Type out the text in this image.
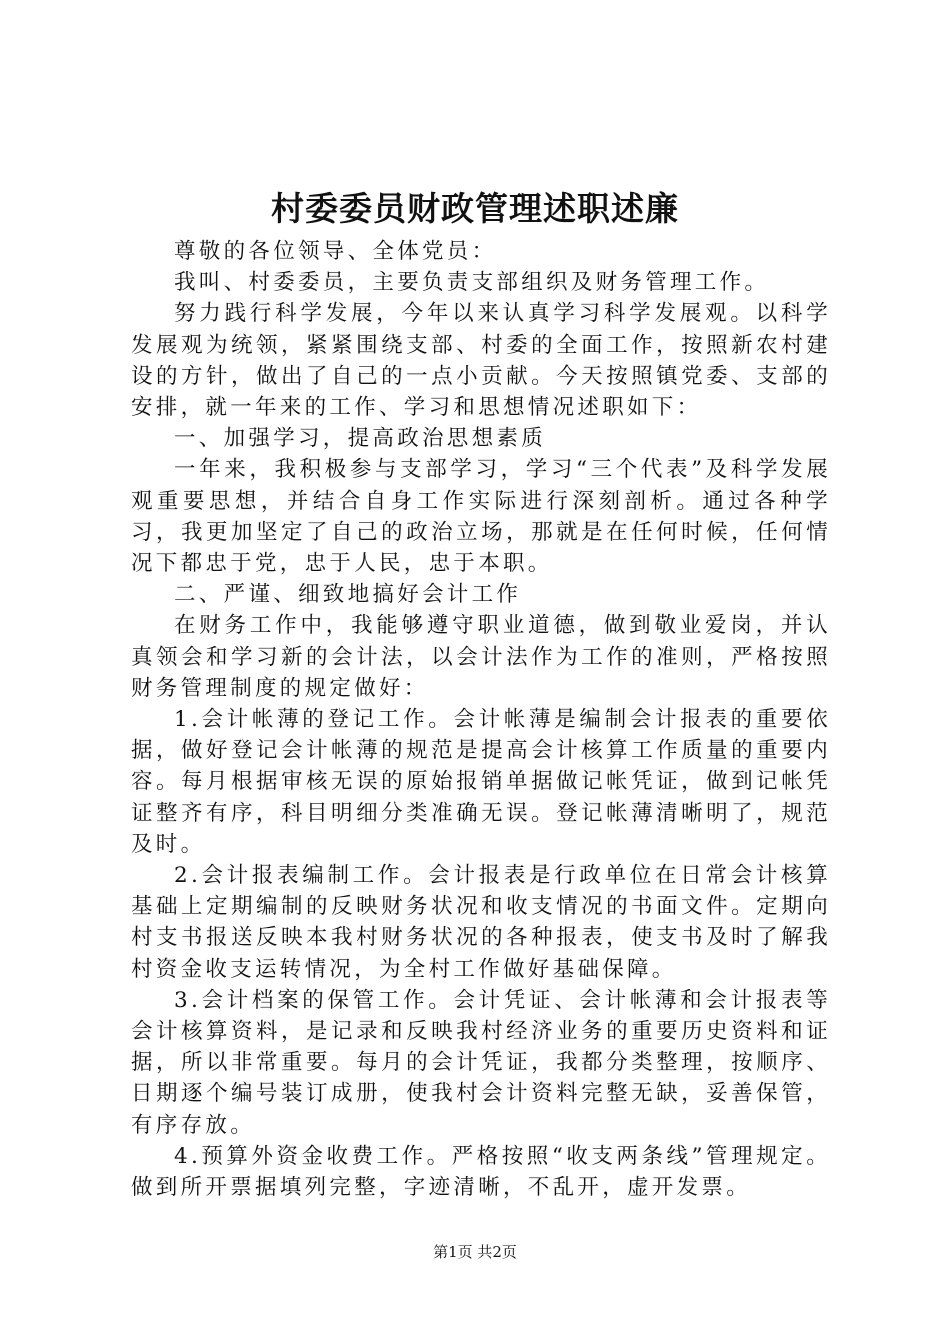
村委委员财政管理述职述廉

尊敬的各位领导、全体党员：

我叫、村委委员，主要负责支部组织及财务管理工作。

努力践行科学发展，今年以来认真学习科学发展观。以科学发展观为统领，紧紧围绕支部、村委的全面工作，按照新农村建设的方针，做出了自己的一点小贡献。今天按照镇党委、支部的安排，就一年来的工作、学习和思想情况述职如下：

一、加强学习，提高政治思想素质

一年来，我积极参与支部学习，学习“三个代表”及科学发展观重要思想，并结合自身工作实际进行深刻剖析。通过各种学习，我更加坚定了自己的政治立场，那就是在任何时候，任何情况下都忠于党，忠于人民，忠于本职。

二、严谨、细致地搞好会计工作

在财务工作中，我能够遵守职业道德，做到敬业爱岗，并认真领会和学习新的会计法，以会计法作为工作的准则，严格按照财务管理制度的规定做好：

1.会计帐薄的登记工作。会计帐薄是编制会计报表的重要依据，做好登记会计帐薄的规范是提高会计核算工作质量的重要内容。每月根据审核无误的原始报销单据做记帐凭证，做到记帐凭证整齐有序，科目明细分类准确无误。登记帐薄清晰明了，规范及时。

2.会计报表编制工作。会计报表是行政单位在日常会计核算基础上定期编制的反映财务状况和收支情况的书面文件。定期向村支书报送反映本我村财务状况的各种报表，使支书及时了解我村资金收支运转情况，为全村工作做好基础保障。

3.会计档案的保管工作。会计凭证、会计帐薄和会计报表等会计核算资料，是记录和反映我村经济业务的重要历史资料和证据，所以非常重要。每月的会计凭证，我都分类整理，按顺序、日期逐个编号装订成册，使我村会计资料完整无缺，妥善保管，有序存放。

4.预算外资金收费工作。严格按照“收支两条线”管理规定。做到所开票据填列完整，字迹清晰，不乱开，虚开发票。

第1页 共2页
